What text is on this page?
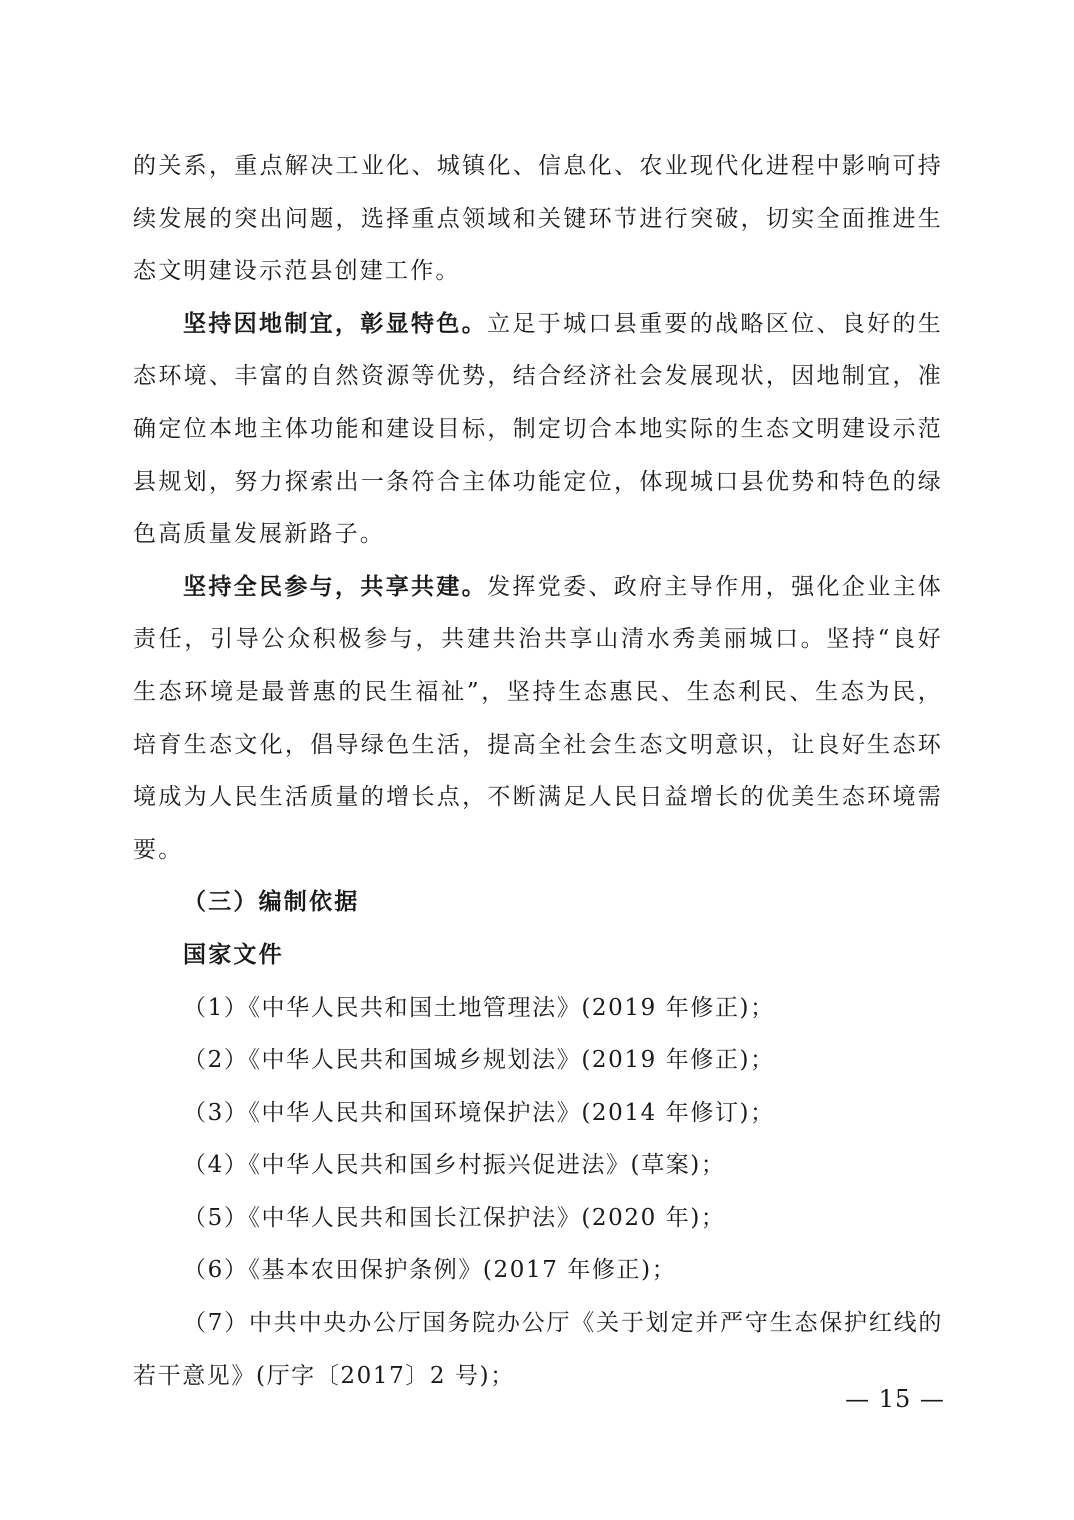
的关系，重点解决工业化、城镇化、信息化、农业现代化进程中影响可持续发展的突出问题，选择重点领域和关键环节进行突破，切实全面推进生态文明建设示范县创建工作。

坚持因地制宜，彰显特色。立足于城口县重要的战略区位、良好的生态环境、丰富的自然资源等优势，结合经济社会发展现状，因地制宜，准确定位本地主体功能和建设目标，制定切合本地实际的生态文明建设示范县规划，努力探索出一条符合主体功能定位，体现城口县优势和特色的绿色高质量发展新路子。

坚持全民参与，共享共建。发挥党委、政府主导作用，强化企业主体责任，引导公众积极参与，共建共治共享山清水秀美丽城口。坚持“良好生态环境是最普惠的民生福祉”，坚持生态惠民、生态利民、生态为民，培育生态文化，倡导绿色生活，提高全社会生态文明意识，让良好生态环境成为人民生活质量的增长点，不断满足人民日益增长的优美生态环境需要。

（三）编制依据

国家文件

（1）《中华人民共和国土地管理法》(2019 年修正)；

（2）《中华人民共和国城乡规划法》(2019 年修正)；

（3）《中华人民共和国环境保护法》(2014 年修订)；

（4）《中华人民共和国乡村振兴促进法》(草案)；

（5）《中华人民共和国长江保护法》(2020 年)；

（6）《基本农田保护条例》(2017 年修正)；

（7）中共中央办公厅国务院办公厅《关于划定并严守生态保护红线的若干意见》(厅字〔2017〕2 号)；

— 15 —
